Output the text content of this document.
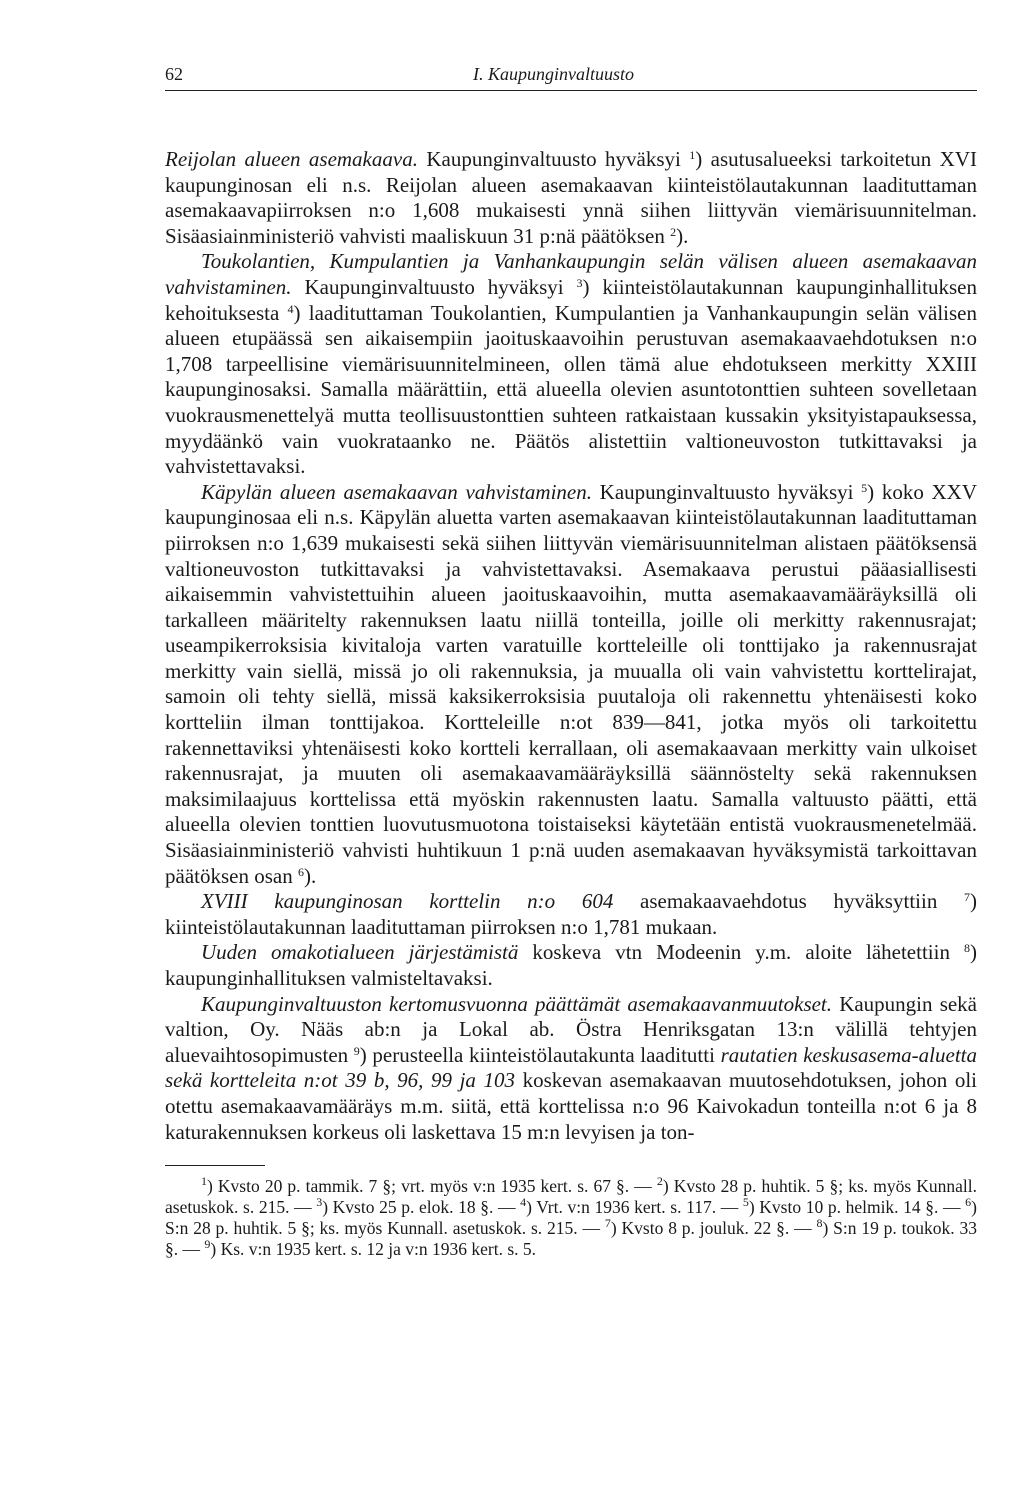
62	I. Kaupunginvaltuusto

Reijolan alueen asemakaava. Kaupunginvaltuusto hyväksyi $^1$) asutusalueeksi tarkoitetun XVI kaupunginosan eli n.s. Reijolan alueen asemakaavan kiinteistölautakunnan laadituttaman asemakaavapiirroksen n:o 1,608 mukaisesti ynnä siihen liittyvän viemärisuunnitelman. Sisäasiainministeriö vahvisti maaliskuun 31 p:nä päätöksen $^2$).

Toukolantien, Kumpulantien ja Vanhankaupungin selän välisen alueen asemakaavan vahvistaminen. Kaupunginvaltuusto hyväksyi $^3$) kiinteistölautakunnan kaupunginhallituksen kehoituksesta $^4$) laadituttaman Toukolantien, Kumpulantien ja Vanhankaupungin selän välisen alueen etupäässä sen aikaisempiin jaoituskaavoihin perustuvan asemakaavaehdotuksen n:o 1,708 tarpeellisine viemärisuunnitelmineen, ollen tämä alue ehdotukseen merkitty XXIII kaupunginosaksi. Samalla määrättiin, että alueella olevien asuntotonttien suhteen sovelletaan vuokrausmenettelyä mutta teollisuustonttien suhteen ratkaistaan kussakin yksityistapauksessa, myydäänkö vain vuokrataanko ne. Päätös alistettiin valtioneuvoston tutkittavaksi ja vahvistettavaksi.

Käpylän alueen asemakaavan vahvistaminen. Kaupunginvaltuusto hyväksyi $^5$) koko XXV kaupunginosaa eli n.s. Käpylän aluetta varten asemakaavan kiinteistölautakunnan laadituttaman piirroksen n:o 1,639 mukaisesti sekä siihen liittyvän viemärisuunnitelman alistaen päätöksensä valtioneuvoston tutkittavaksi ja vahvistettavaksi. Asemakaava perustui pääasiallisesti aikaisemmin vahvistettuihin alueen jaoituskaavoihin, mutta asemakaavamääräyksillä oli tarkalleen määritelty rakennuksen laatu niillä tonteilla, joille oli merkitty rakennusrajat; useampikerroksisia kivitaloja varten varatuille kortteleille oli tonttijako ja rakennusrajat merkitty vain siellä, missä jo oli rakennuksia, ja muualla oli vain vahvistettu korttelirajat, samoin oli tehty siellä, missä kaksikerroksisia puutaloja oli rakennettu yhtenäisesti koko kortteliin ilman tonttijakoa. Kortteleille n:ot 839—841, jotka myös oli tarkoitettu rakennettaviksi yhtenäisesti koko kortteli kerrallaan, oli asemakaavaan merkitty vain ulkoiset rakennusrajat, ja muuten oli asemakaavamääräyksillä säännöstelty sekä rakennuksen maksimilaajuus korttelissa että myöskin rakennusten laatu. Samalla valtuusto päätti, että alueella olevien tonttien luovutusmuotona toistaiseksi käytetään entistä vuokrausmenetelmää. Sisäasiainministeriö vahvisti huhtikuun 1 p:nä uuden asemakaavan hyväksymistä tarkoittavan päätöksen osan $^6$).

XVIII kaupunginosan korttelin n:o 604 asemakaavaehdotus hyväksyttiin $^7$) kiinteistölautakunnan laadituttaman piirroksen n:o 1,781 mukaan.

Uuden omakotialueen järjestämistä koskeva vtn Modeenin y.m. aloite lähetettiin $^8$) kaupunginhallituksen valmisteltavaksi.

Kaupunginvaltuuston kertomusvuonna päättämät asemakaavanmuutokset. Kaupungin sekä valtion, Oy. Nääs ab:n ja Lokal ab. Östra Henriksgatan 13:n välillä tehtyjen aluevaihtosopimusten $^9$) perusteella kiinteistölautakunta laaditutti rautatien keskusasema-aluetta sekä kortteleita n:ot 39 b, 96, 99 ja 103 koskevan asemakaavan muutosehdotuksen, johon oli otettu asemakaavamääräys m.m. siitä, että korttelissa n:o 96 Kaivokadun tonteilla n:ot 6 ja 8 katurakennuksen korkeus oli laskettava 15 m:n levyisen ja ton-

$^1$) Kvsto 20 p. tammik. 7 §; vrt. myös v:n 1935 kert. s. 67 §. — $^2$) Kvsto 28 p. huhtik. 5 §; ks. myös Kunnall. asetuskok. s. 215. — $^3$) Kvsto 25 p. elok. 18 §. — $^4$) Vrt. v:n 1936 kert. s. 117. — $^5$) Kvsto 10 p. helmik. 14 §. — $^6$) S:n 28 p. huhtik. 5 §; ks. myös Kunnall. asetuskok. s. 215. — $^7$) Kvsto 8 p. jouluk. 22 §. — $^8$) S:n 19 p. toukok. 33 §. — $^9$) Ks. v:n 1935 kert. s. 12 ja v:n 1936 kert. s. 5.
